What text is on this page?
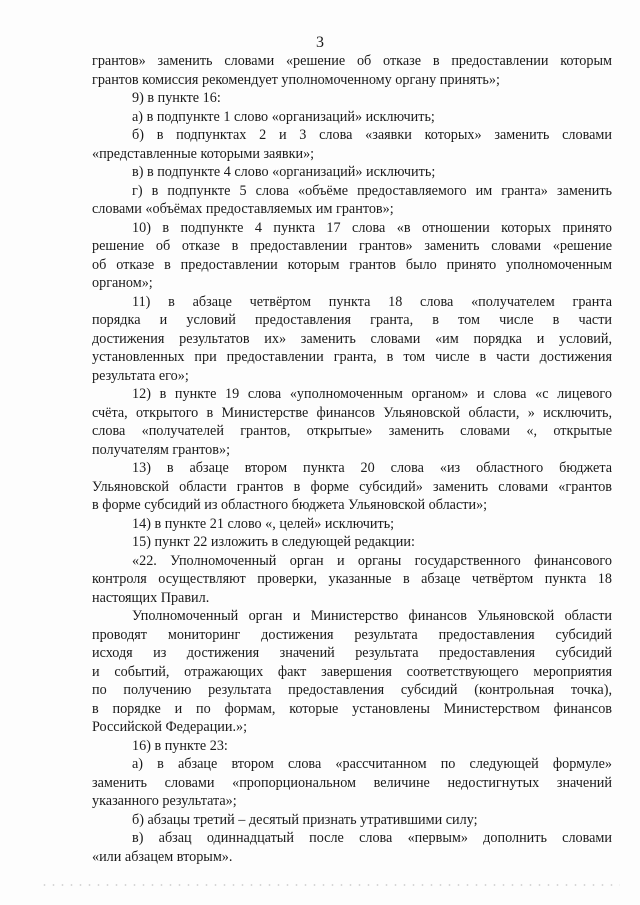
3
грантов» заменить словами «решение об отказе в предоставлении которым
грантов комиссия рекомендует уполномоченному органу принять»;
9) в пункте 16:
а) в подпункте 1 слово «организаций» исключить;
б) в подпунктах 2 и 3 слова «заявки которых» заменить словами
«представленные которыми заявки»;
в) в подпункте 4 слово «организаций» исключить;
г) в подпункте 5 слова «объёме предоставляемого им гранта» заменить
словами «объёмах предоставляемых им грантов»;
10) в подпункте 4 пункта 17 слова «в отношении которых принято
решение об отказе в предоставлении грантов» заменить словами «решение
об отказе в предоставлении которым грантов было принято уполномоченным
органом»;
11) в абзаце четвёртом пункта 18 слова «получателем гранта
порядка и условий предоставления гранта, в том числе в части
достижения результатов их» заменить словами «им порядка и условий,
установленных при предоставлении гранта, в том числе в части достижения
результата его»;
12) в пункте 19 слова «уполномоченным органом» и слова «с лицевого
счёта, открытого в Министерстве финансов Ульяновской области, » исключить,
слова «получателей грантов, открытые» заменить словами «, открытые
получателям грантов»;
13) в абзаце втором пункта 20 слова «из областного бюджета
Ульяновской области грантов в форме субсидий» заменить словами «грантов
в форме субсидий из областного бюджета Ульяновской области»;
14) в пункте 21 слово «, целей» исключить;
15) пункт 22 изложить в следующей редакции:
«22. Уполномоченный орган и органы государственного финансового
контроля осуществляют проверки, указанные в абзаце четвёртом пункта 18
настоящих Правил.
Уполномоченный орган и Министерство финансов Ульяновской области
проводят мониторинг достижения результата предоставления субсидий
исходя из достижения значений результата предоставления субсидий
и событий, отражающих факт завершения соответствующего мероприятия
по получению результата предоставления субсидий (контрольная точка),
в порядке и по формам, которые установлены Министерством финансов
Российской Федерации.»;
16) в пункте 23:
а) в абзаце втором слова «рассчитанном по следующей формуле»
заменить словами «пропорциональном величине недостигнутых значений
указанного результата»;
б) абзацы третий – десятый признать утратившими силу;
в) абзац одиннадцатый после слова «первым» дополнить словами
«или абзацем вторым».
